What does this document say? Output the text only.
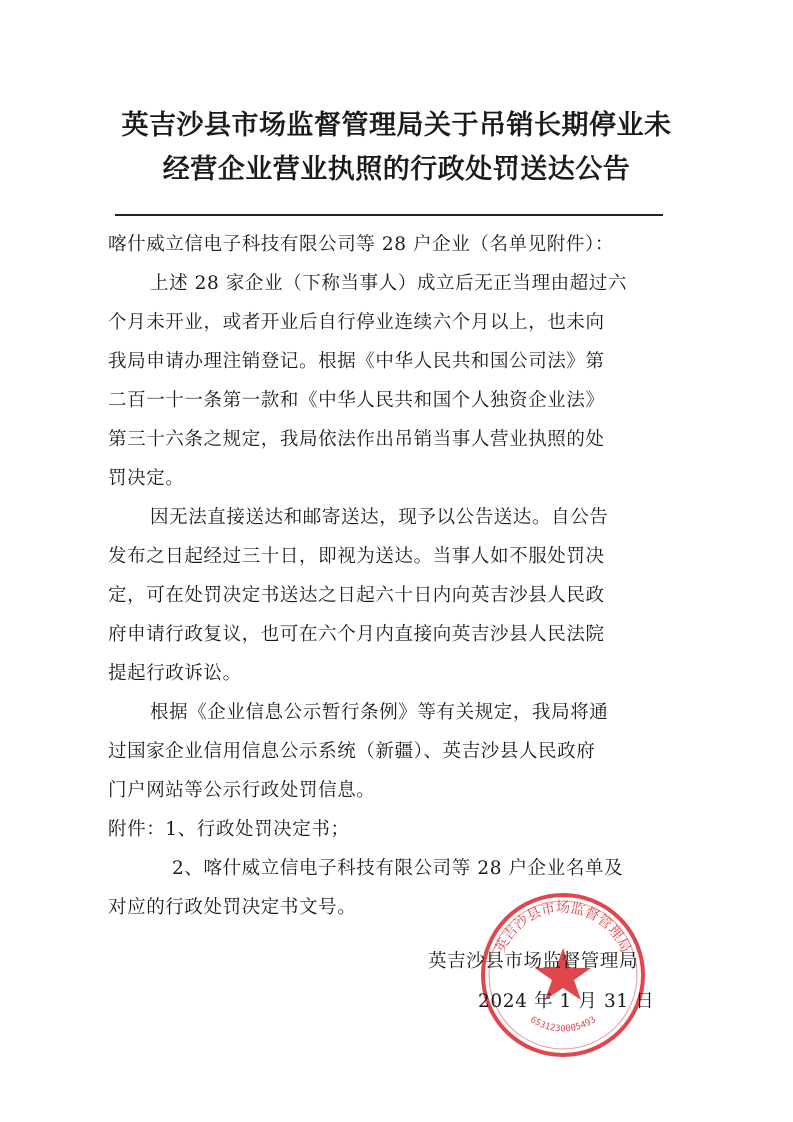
英吉沙县市场监督管理局关于吊销长期停业未
经营企业营业执照的行政处罚送达公告
喀什威立信电子科技有限公司等 28 户企业（名单见附件）：
上述 28 家企业（下称当事人）成立后无正当理由超过六
个月未开业，或者开业后自行停业连续六个月以上，也未向
我局申请办理注销登记。根据《中华人民共和国公司法》第
二百一十一条第一款和《中华人民共和国个人独资企业法》
第三十六条之规定，我局依法作出吊销当事人营业执照的处
罚决定。
因无法直接送达和邮寄送达，现予以公告送达。自公告
发布之日起经过三十日，即视为送达。当事人如不服处罚决
定，可在处罚决定书送达之日起六十日内向英吉沙县人民政
府申请行政复议，也可在六个月内直接向英吉沙县人民法院
提起行政诉讼。
根据《企业信息公示暂行条例》等有关规定，我局将通
过国家企业信用信息公示系统（新疆）、英吉沙县人民政府
门户网站等公示行政处罚信息。
附件：1、行政处罚决定书；
2、喀什威立信电子科技有限公司等 28 户企业名单及
对应的行政处罚决定书文号。
英吉沙县市场监督管理局
6531230005493
英吉沙县市场监督管理局
2024 年 1 月 31 日
